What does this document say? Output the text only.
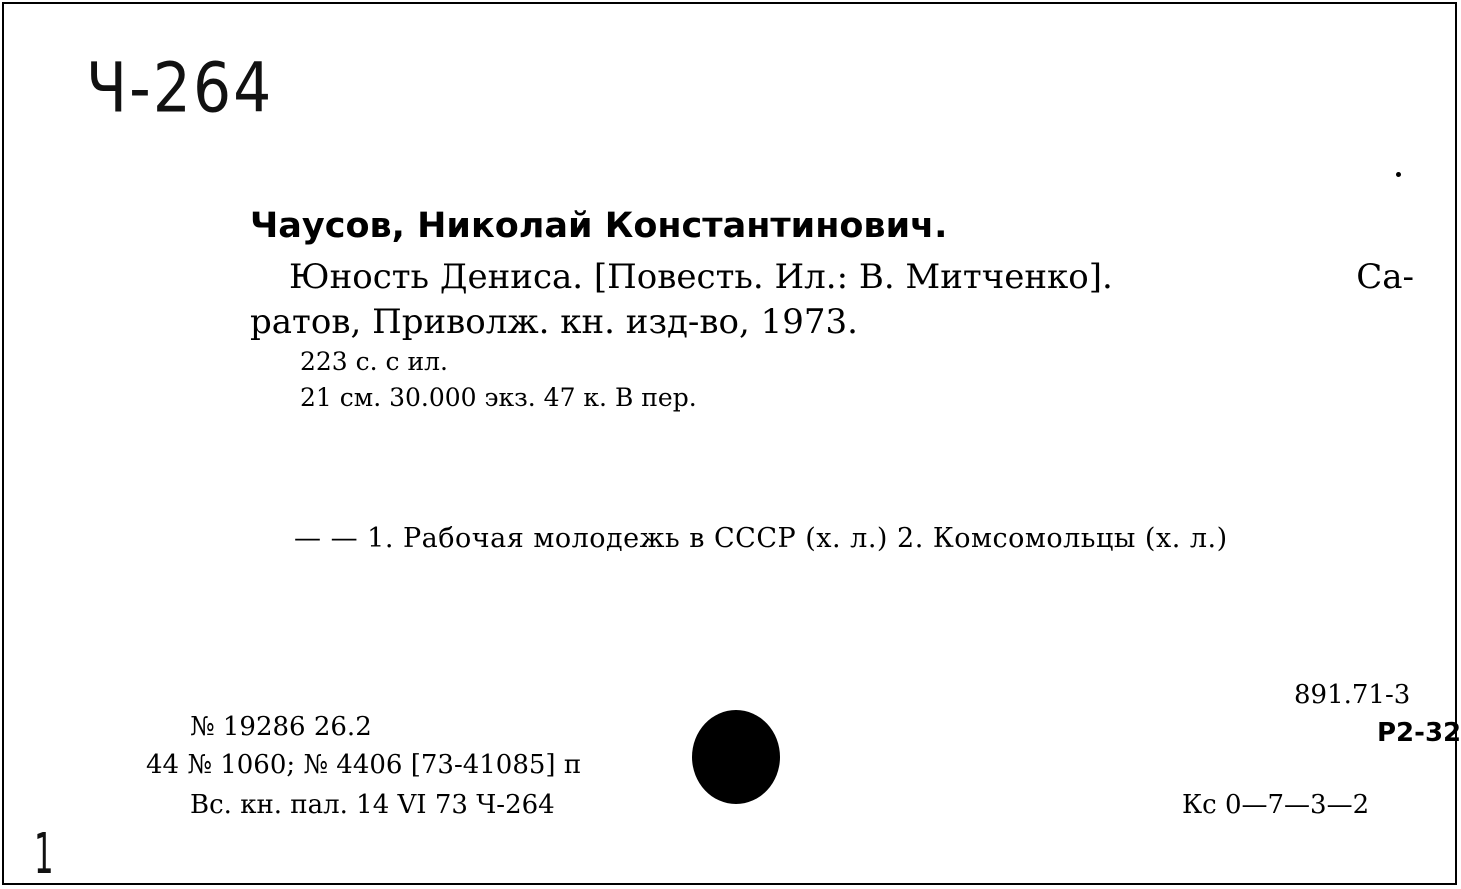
Ч-264
Чаусов, Николай Константинович.
Юность Дениса. [Повесть. Ил.: В. Митченко].	Са-
ратов, Приволж. кн. изд-во, 1973.
223 с. с ил.
21 см. 30.000 экз. 47 к. В пер.
— — 1. Рабочая молодежь в СССР (х. л.) 2. Комсомольцы (х. л.)
№ 19286 26.2
44 № 1060; № 4406 [73-41085] п
Вс. кн. пал. 14 VI 73 Ч-264
891.71-3
Р2-32
Кс 0—7—3—2
1
